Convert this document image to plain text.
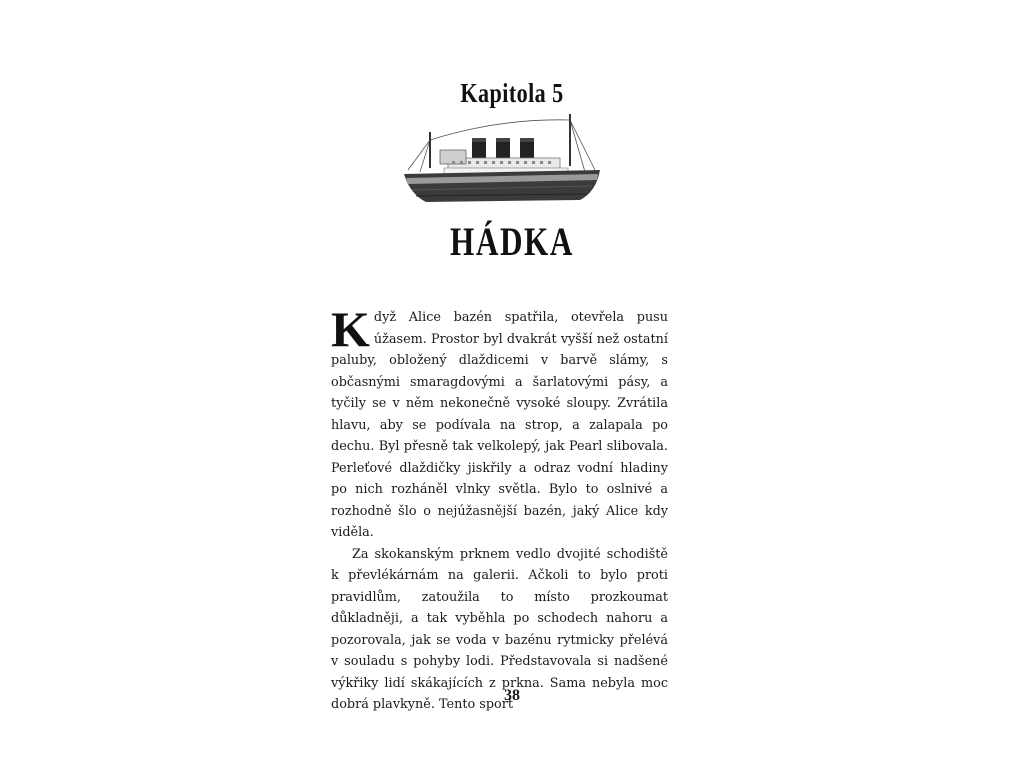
Kapitola 5
HÁDKA

Když Alice bazén spatřila, otevřela pusu úžasem. Prostor byl dvakrát vyšší než ostatní paluby, obložený dlaždicemi v barvě slámy, s občasnými smaragdovými a šarlatovými pásy, a tyčily se v něm nekonečně vysoké sloupy. Zvrátila hlavu, aby se podívala na strop, a zalapala po dechu. Byl přesně tak velkolepý, jak Pearl slibovala. Perleťové dlaždičky jiskřily a odraz vodní hladiny po nich rozháněl vlnky světla. Bylo to oslnivé a rozhodně šlo o nejúžasnější bazén, jaký Alice kdy viděla.

Za skokanským prknem vedlo dvojité schodiště k převlékárnám na galerii. Ačkoli to bylo proti pravidlům, zatoužila to místo prozkoumat důkladněji, a tak vyběhla po schodech nahoru a pozorovala, jak se voda v bazénu rytmicky přelévá v souladu s pohyby lodi. Představovala si nadšené výkřiky lidí skákajících z prkna. Sama nebyla moc dobrá plavkyně. Tento sport

38
